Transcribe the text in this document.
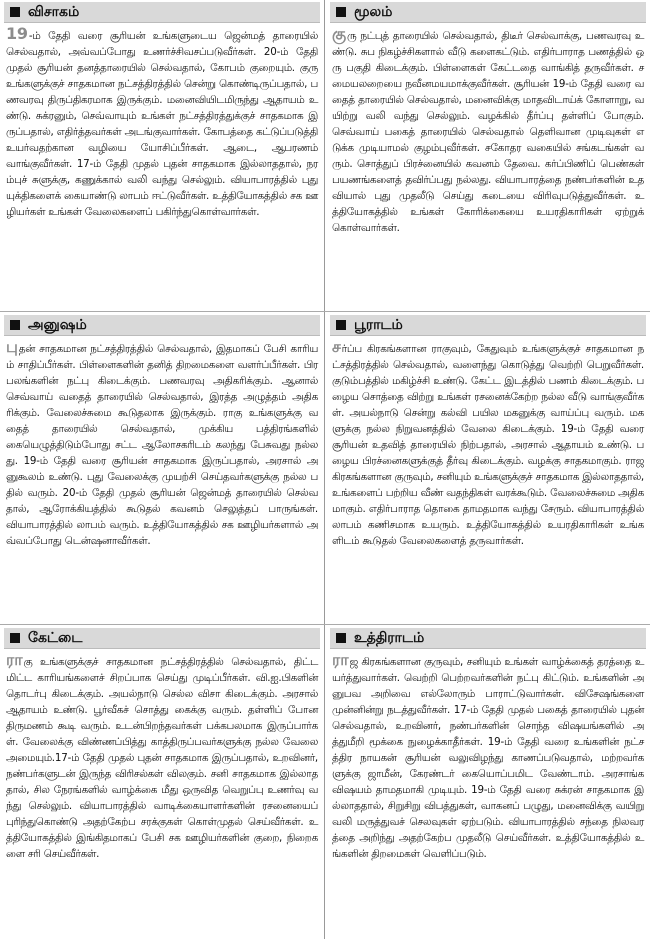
விசாகம்
19-ம் தேதி வரை சூரியன் உங்களுடைய ஜென்மத் தாரையில் செல்வதால், அவ்வப்போது உணர்ச்சிவசப்படுவீர்கள். 20-ம் தேதி முதல் சூரியன் தனத்தாரையில் செல்வதால், கோபம் குறையும். குரு உங்களுக்குச் சாதகமான நட்சத்திரத்தில் சென்று கொண்டிருப்பதால், பணவரவு திருப்திகரமாக இருக்கும். மனைவியிடமிருந்து ஆதாயம் உண்டு. சுக்ரனும், செவ்வாயும் உங்கள் நட்சத்திரத்துக்குச் சாதகமாக இருப்பதால், எதிர்த்தவர்கள் அடங்குவார்கள். கோபத்தை கட்டுப்படுத்தி உயர்வதற்கான வழியை யோசிப்பீர்கள். ஆடை, ஆபரணம் வாங்குவீர்கள். 17-ம் தேதி முதல் புதன் சாதகமாக இல்லாததால், நரம்புச் சுளுக்கு, கணுக்கால் வலி வந்து செல்லும். வியாபாரத்தில் புது யுக்திகளைக் கையாண்டு லாபம் ஈட்டுவீர்கள். உத்தியோகத்தில் சக ஊழியர்கள் உங்கள் வேலைகளைப் பகிர்ந்துகொள்வார்கள்.
மூலம்
குரு நட்புத் தாரையில் செல்வதால், திடீர் செல்வாக்கு, பணவரவு உண்டு. சுப நிகழ்ச்சிகளால் வீடு களைகட்டும். எதிர்பாராத பணத்தில் ஒரு பகுதி கிடைக்கும். பிள்ளைகள் கேட்டதை வாங்கித் தருவீர்கள். சமையலறையை நவீனமயமாக்குவீர்கள். சூரியன் 19-ம் தேதி வரை வதைத் தாரையில் செல்வதால், மனைவிக்கு மாதவிடாய்க் கோளாறு, வயிற்று வலி வந்து செல்லும். வழக்கில் தீர்ப்பு தள்ளிப் போகும். செவ்வாய் பகைத் தாரையில் செல்வதால் தெளிவான முடிவுகள் எடுக்க முடியாமல் குழம்புவீர்கள். சகோதர வகையில் சங்கடங்கள் வரும். சொத்துப் பிரச்னையில் கவனம் தேவை. கர்ப்பிணிப் பெண்கள் பயணங்களைத் தவிர்ப்பது நல்லது. வியாபாரத்தை நண்பர்களின் உதவியால் புது முதலீடு செய்து கடையை விரிவுபடுத்துவீர்கள். உத்தியோகத்தில் உங்கள் கோரிக்கையை உயரதிகாரிகள் ஏற்றுக் கொள்வார்கள்.
அனுஷம்
புதன் சாதகமான நட்சத்திரத்தில் செல்வதால், இதமாகப் பேசி காரியம் சாதிப்பீர்கள். பிள்ளைகளின் தனித் திறமைகளை வளர்ப்பீர்கள். பிரபலங்களின் நட்பு கிடைக்கும். பணவரவு அதிகரிக்கும். ஆனால் செவ்வாய் வதைத் தாரையில் செல்வதால், இரத்த அழுத்தம் அதிகரிக்கும். வேலைச்சுமை கூடுதலாக இருக்கும். ராகு உங்களுக்கு வதைத் தாரையில் செல்வதால், முக்கிய பத்திரங்களில் கையெழுத்திடும்போது சட்ட ஆலோசகரிடம் கலந்து பேசுவது நல்லது. 19-ம் தேதி வரை சூரியன் சாதகமாக இருப்பதால், அரசால் அனுகூலம் உண்டு. புது வேலைக்கு முயற்சி செய்தவர்களுக்கு நல்ல பதில் வரும். 20-ம் தேதி முதல் சூரியன் ஜென்மத் தாரையில் செல்வதால், ஆரோக்கியத்தில் கூடுதல் கவனம் செலுத்தப் பாருங்கள். வியாபாரத்தில் லாபம் வரும். உத்தியோகத்தில் சக ஊழியர்களால் அவ்வப்போது டென்ஷனாவீர்கள்.
பூராடம்
சர்ப்ப கிரகங்களான ராகுவும், கேதுவும் உங்களுக்குச் சாதகமான நட்சத்திரத்தில் செல்வதால், வளைந்து கொடுத்து வெற்றி பெறுவீர்கள். குடும்பத்தில் மகிழ்ச்சி உண்டு. கேட்ட இடத்தில் பணம் கிடைக்கும். பழைய சொத்தை விற்று உங்கள் ரசனைக்கேற்ற நல்ல வீடு வாங்குவீர்கள். அயல்நாடு சென்று கல்வி பயில மகனுக்கு வாய்ப்பு வரும். மகளுக்கு நல்ல நிறுவனத்தில் வேலை கிடைக்கும். 19-ம் தேதி வரை சூரியன் உதவித் தாரையில் நிற்பதால், அரசால் ஆதாயம் உண்டு. பழைய பிரச்னைகளுக்குத் தீர்வு கிடைக்கும். வழக்கு சாதகமாகும். ராஜ கிரகங்களான குருவும், சனியும் உங்களுக்குச் சாதகமாக இல்லாததால், உங்களைப் பற்றிய வீண் வதந்திகள் வரக்கூடும். வேலைச்சுமை அதிகமாகும். எதிர்பாராத தொகை தாமதமாக வந்து சேரும். வியாபாரத்தில் லாபம் கணிசமாக உயரும். உத்தியோகத்தில் உயரதிகாரிகள் உங்களிடம் கூடுதல் வேலைகளைத் தருவார்கள்.
கேட்டை
ராகு உங்களுக்குச் சாதகமான நட்சத்திரத்தில் செல்வதால், திட்டமிட்ட காரியங்களைச் சிறப்பாக செய்து முடிப்பீர்கள். வி.ஐ.பிகளின் தொடர்பு கிடைக்கும். அயல்நாடு செல்ல விசா கிடைக்கும். அரசால் ஆதாயம் உண்டு. பூர்வீகச் சொத்து கைக்கு வரும். தள்ளிப் போன திருமணம் கூடி வரும். உடன்பிறந்தவர்கள் பக்கபலமாக இருப்பார்கள். வேலைக்கு விண்ணப்பித்து காத்திருப்பவர்களுக்கு நல்ல வேலை அமையும்.17-ம் தேதி முதல் புதன் சாதகமாக இருப்பதால், உறவினர், நண்பர்களுடன் இருந்த விரிசல்கள் விலகும். சனி சாதகமாக இல்லாததால், சில நேரங்களில் வாழ்க்கை மீது ஒருவித வெறுப்பு உணர்வு வந்து செல்லும். வியாபாரத்தில் வாடிக்கையாளர்களின் ரசனையைப் புரிந்துகொண்டு அதற்கேற்ப சரக்குகள் கொள்முதல் செய்வீர்கள். உத்தியோகத்தில் இங்கிதமாகப் பேசி சக ஊழியர்களின் குறை, நிறைகளை சரி செய்வீர்கள்.
உத்திராடம்
ராஜ கிரகங்களான குருவும், சனியும் உங்கள் வாழ்க்கைத் தரத்தை உயர்த்துவார்கள். வெற்றி பெற்றவர்களின் நட்பு கிட்டும். உங்களின் அனுபவ அறிவை எல்லோரும் பாராட்டுவார்கள். விசேஷங்களை முன்னின்று நடத்துவீர்கள். 17-ம் தேதி முதல் பகைத் தாரையில் புதன் செல்வதால், உறவினர், நண்பர்களின் சொந்த விஷயங்களில் அத்துமீறி மூக்கை நுழைக்காதீர்கள். 19-ம் தேதி வரை உங்களின் நட்சத்திர நாயகன் சூரியன் வலுவிழந்து காணப்படுவதால், மற்றவர்களுக்கு ஜாமீன், கேரண்டர் கையொப்பமிட வேண்டாம். அரசாங்க விஷயம் தாமதமாகி முடியும். 19-ம் தேதி வரை சுக்ரன் சாதகமாக இல்லாததால், சிறுசிறு விபத்துகள், வாகனப் பழுது, மனைவிக்கு வயிறு வலி மருத்துவச் செலவுகள் ஏற்படும். வியாபாரத்தில் சந்தை நிலவரத்தை அறிந்து அதற்கேற்ப முதலீடு செய்வீர்கள். உத்தியோகத்தில் உங்களின் திறமைகள் வெளிப்படும்.
